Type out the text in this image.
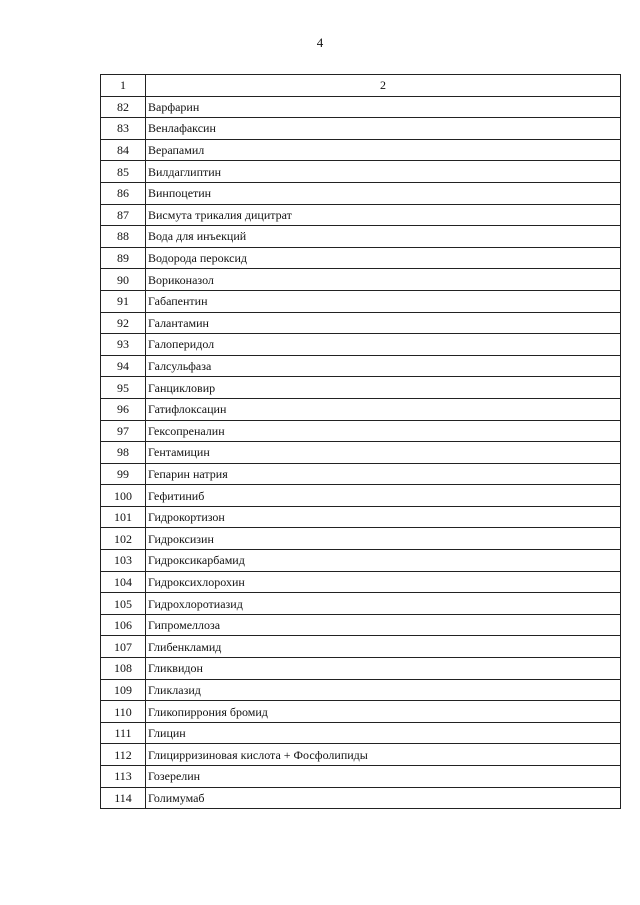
4
1	2
82	Варфарин
83	Венлафаксин
84	Верапамил
85	Вилдаглиптин
86	Винпоцетин
87	Висмута трикалия дицитрат
88	Вода для инъекций
89	Водорода пероксид
90	Вориконазол
91	Габапентин
92	Галантамин
93	Галоперидол
94	Галсульфаза
95	Ганцикловир
96	Гатифлоксацин
97	Гексопреналин
98	Гентамицин
99	Гепарин натрия
100	Гефитиниб
101	Гидрокортизон
102	Гидроксизин
103	Гидроксикарбамид
104	Гидроксихлорохин
105	Гидрохлоротиазид
106	Гипромеллоза
107	Глибенкламид
108	Гликвидон
109	Гликлазид
110	Гликопиррония бромид
111	Глицин
112	Глицирризиновая кислота + Фосфолипиды
113	Гозерелин
114	Голимумаб
